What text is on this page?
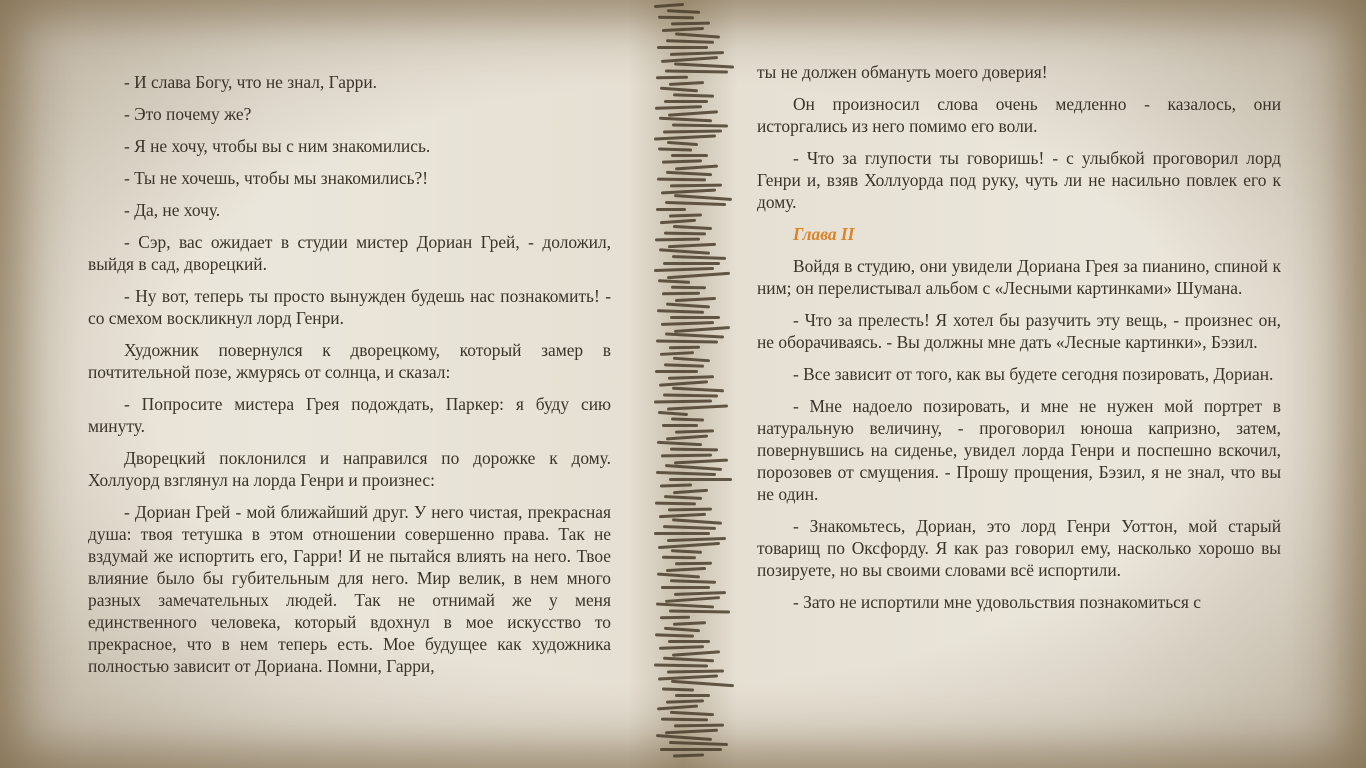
- И слава Богу, что не знал, Гарри.

- Это почему же?

- Я не хочу, чтобы вы с ним знакомились.

- Ты не хочешь, чтобы мы знакомились?!

- Да, не хочу.

- Сэр, вас ожидает в студии мистер Дориан Грей, - доложил, выйдя в сад, дворецкий.

- Ну вот, теперь ты просто вынужден будешь нас познакомить! - со смехом воскликнул лорд Генри.

Художник повернулся к дворецкому, который замер в почтительной позе, жмурясь от солнца, и сказал:

- Попросите мистера Грея подождать, Паркер: я буду сию минуту.

Дворецкий поклонился и направился по дорожке к дому. Холлуорд взглянул на лорда Генри и произнес:

- Дориан Грей - мой ближайший друг. У него чистая, прекрасная душа: твоя тетушка в этом отношении совершенно права. Так не вздумай же испортить его, Гарри! И не пытайся влиять на него. Твое влияние было бы губительным для него. Мир велик, в нем много разных замечательных людей. Так не отнимай же у меня единственного человека, который вдохнул в мое искусство то прекрасное, что в нем теперь есть. Мое будущее как художника полностью зависит от Дориана. Помни, Гарри,

ты не должен обмануть моего доверия!

Он произносил слова очень медленно - казалось, они исторгались из него помимо его воли.

- Что за глупости ты говоришь! - с улыбкой проговорил лорд Генри и, взяв Холлуорда под руку, чуть ли не насильно повлек его к дому.

Глава II

Войдя в студию, они увидели Дориана Грея за пианино, спиной к ним; он перелистывал альбом с «Лесными картинками» Шумана.

- Что за прелесть! Я хотел бы разучить эту вещь, - произнес он, не оборачиваясь. - Вы должны мне дать «Лесные картинки», Бэзил.

- Все зависит от того, как вы будете сегодня позировать, Дориан.

- Мне надоело позировать, и мне не нужен мой портрет в натуральную величину, - проговорил юноша капризно, затем, повернувшись на сиденье, увидел лорда Генри и поспешно вскочил, порозовев от смущения. - Прошу прощения, Бэзил, я не знал, что вы не один.

- Знакомьтесь, Дориан, это лорд Генри Уоттон, мой старый товарищ по Оксфорду. Я как раз говорил ему, насколько хорошо вы позируете, но вы своими словами всё испортили.

- Зато не испортили мне удовольствия познакомиться с
